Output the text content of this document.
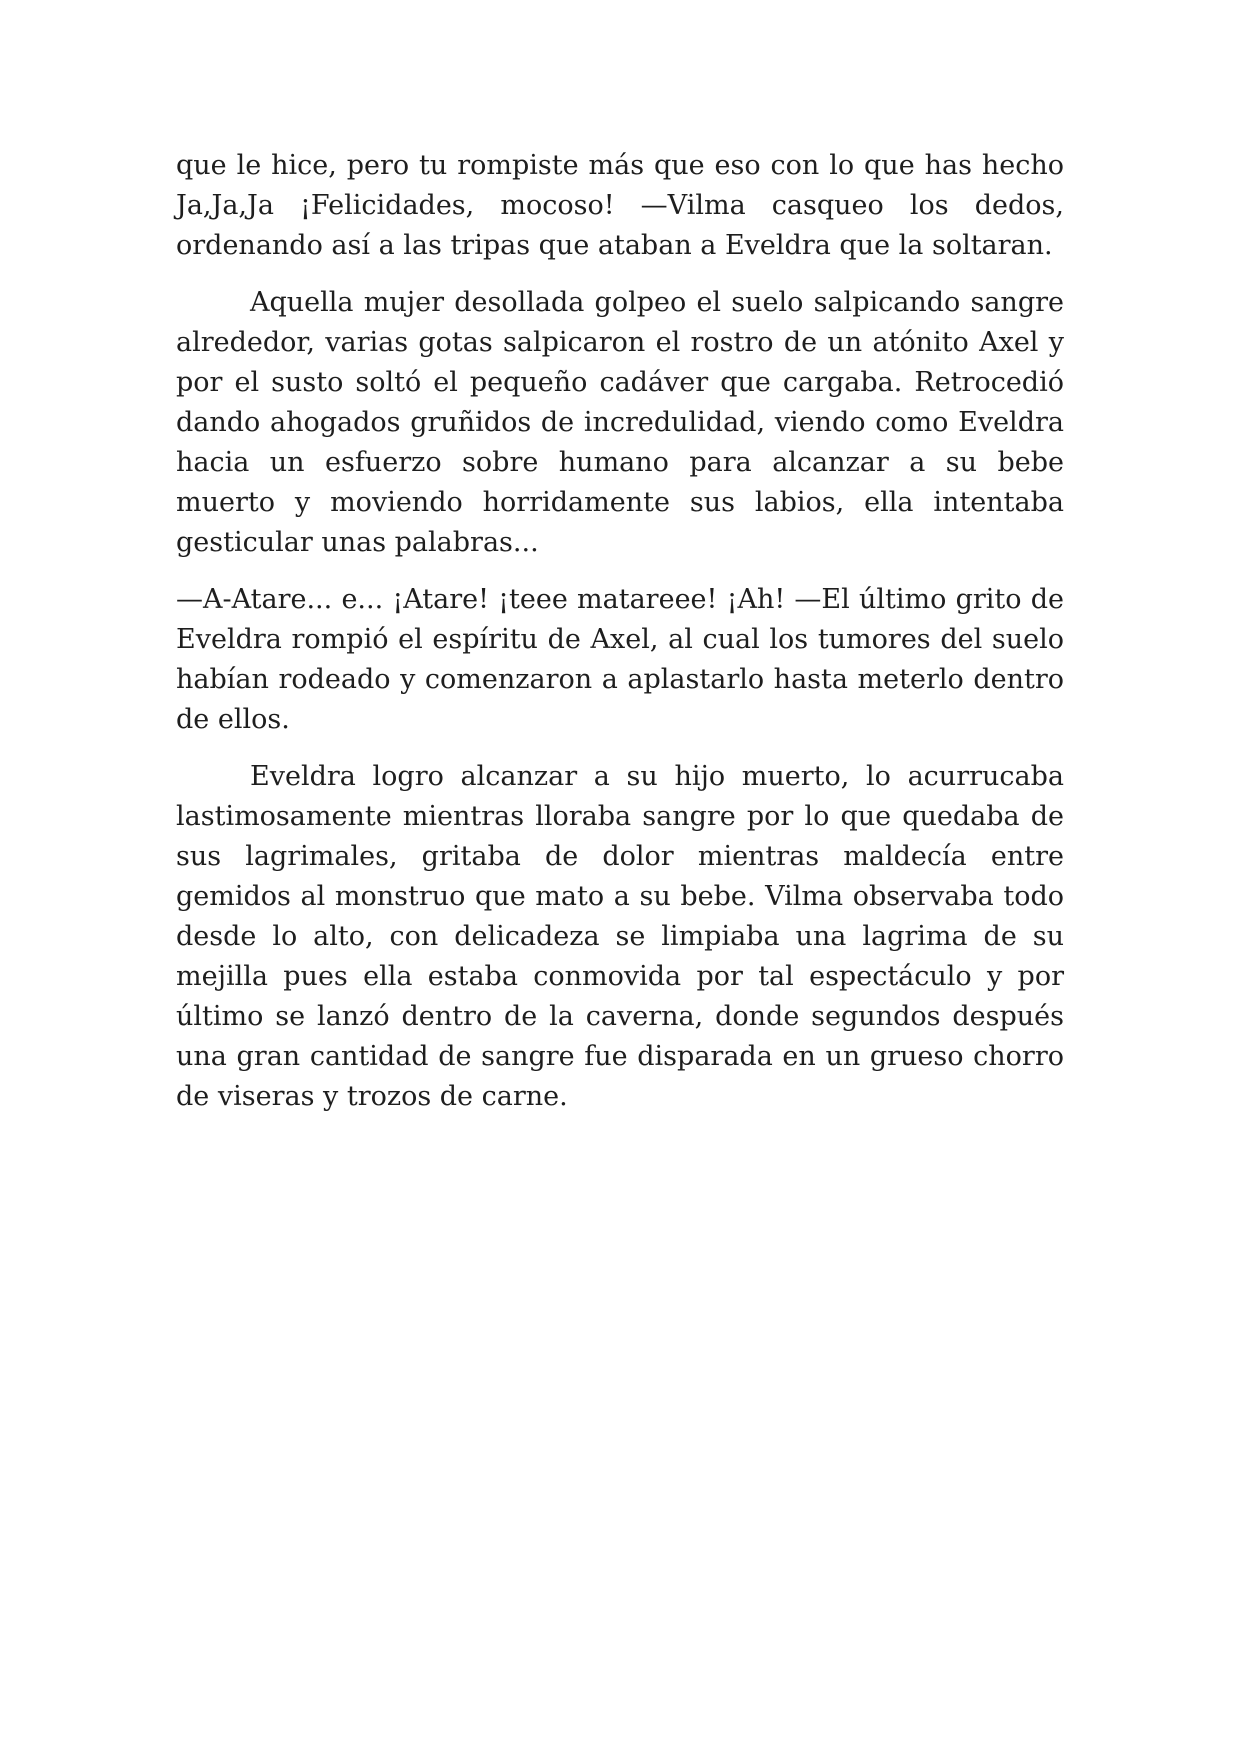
que le hice, pero tu rompiste más que eso con lo que has hecho Ja,Ja,Ja ¡Felicidades, mocoso! —Vilma casqueo los dedos, ordenando así a las tripas que ataban a Eveldra que la soltaran.

Aquella mujer desollada golpeo el suelo salpicando sangre alrededor, varias gotas salpicaron el rostro de un atónito Axel y por el susto soltó el pequeño cadáver que cargaba. Retrocedió dando ahogados gruñidos de incredulidad, viendo como Eveldra hacia un esfuerzo sobre humano para alcanzar a su bebe muerto y moviendo horridamente sus labios, ella intentaba gesticular unas palabras...

—A-Atare... e... ¡Atare! ¡teee matareee! ¡Ah! —El último grito de Eveldra rompió el espíritu de Axel, al cual los tumores del suelo habían rodeado y comenzaron a aplastarlo hasta meterlo dentro de ellos.

Eveldra logro alcanzar a su hijo muerto, lo acurrucaba lastimosamente mientras lloraba sangre por lo que quedaba de sus lagrimales, gritaba de dolor mientras maldecía entre gemidos al monstruo que mato a su bebe. Vilma observaba todo desde lo alto, con delicadeza se limpiaba una lagrima de su mejilla pues ella estaba conmovida por tal espectáculo y por último se lanzó dentro de la caverna, donde segundos después una gran cantidad de sangre fue disparada en un grueso chorro de viseras y trozos de carne.
